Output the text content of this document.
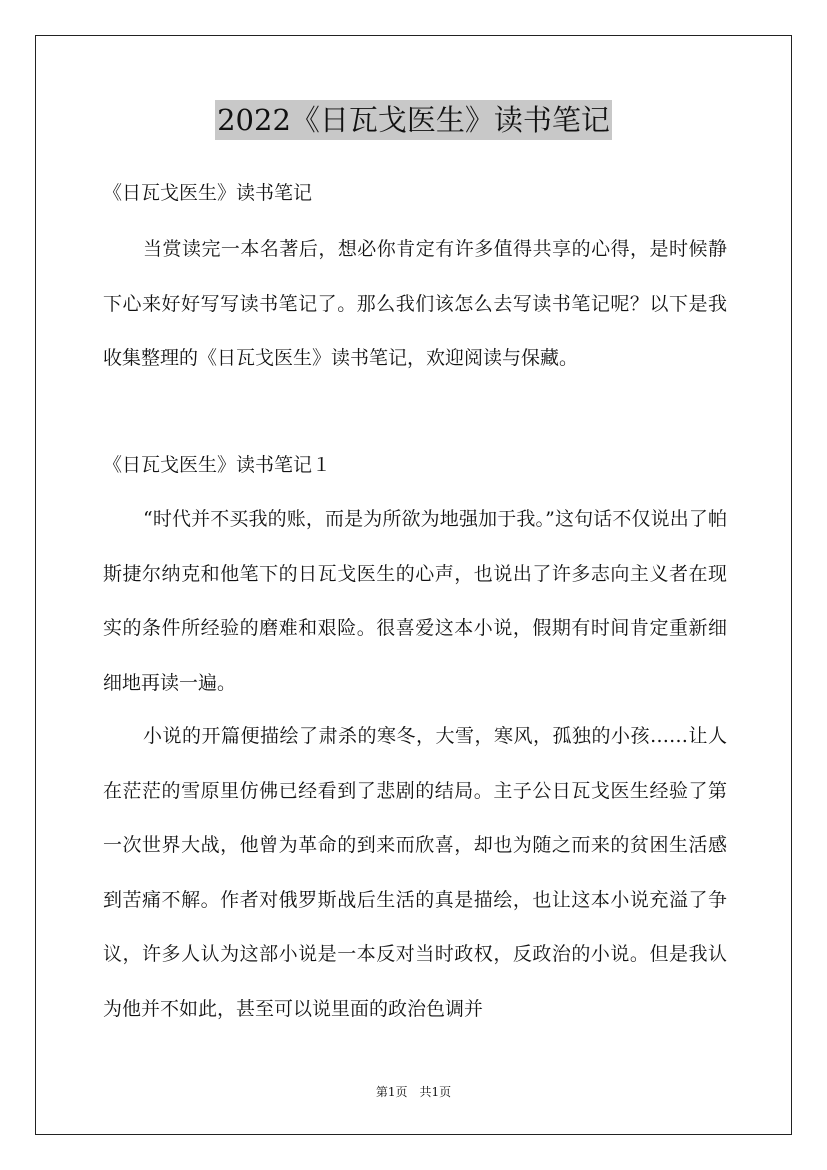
2022《日瓦戈医生》读书笔记
《日瓦戈医生》读书笔记

当赏读完一本名著后，想必你肯定有许多值得共享的心得，是时候静下心来好好写写读书笔记了。那么我们该怎么去写读书笔记呢？以下是我收集整理的《日瓦戈医生》读书笔记，欢迎阅读与保藏。

《日瓦戈医生》读书笔记１

“时代并不买我的账，而是为所欲为地强加于我。”这句话不仅说出了帕斯捷尔纳克和他笔下的日瓦戈医生的心声，也说出了许多志向主义者在现实的条件所经验的磨难和艰险。很喜爱这本小说，假期有时间肯定重新细细地再读一遍。

小说的开篇便描绘了肃杀的寒冬，大雪，寒风，孤独的小孩……让人在茫茫的雪原里仿佛已经看到了悲剧的结局。主子公日瓦戈医生经验了第一次世界大战，他曾为革命的到来而欣喜，却也为随之而来的贫困生活感到苦痛不解。作者对俄罗斯战后生活的真是描绘，也让这本小说充溢了争议，许多人认为这部小说是一本反对当时政权，反政治的小说。但是我认为他并不如此，甚至可以说里面的政治色调并

第1页　共1页
